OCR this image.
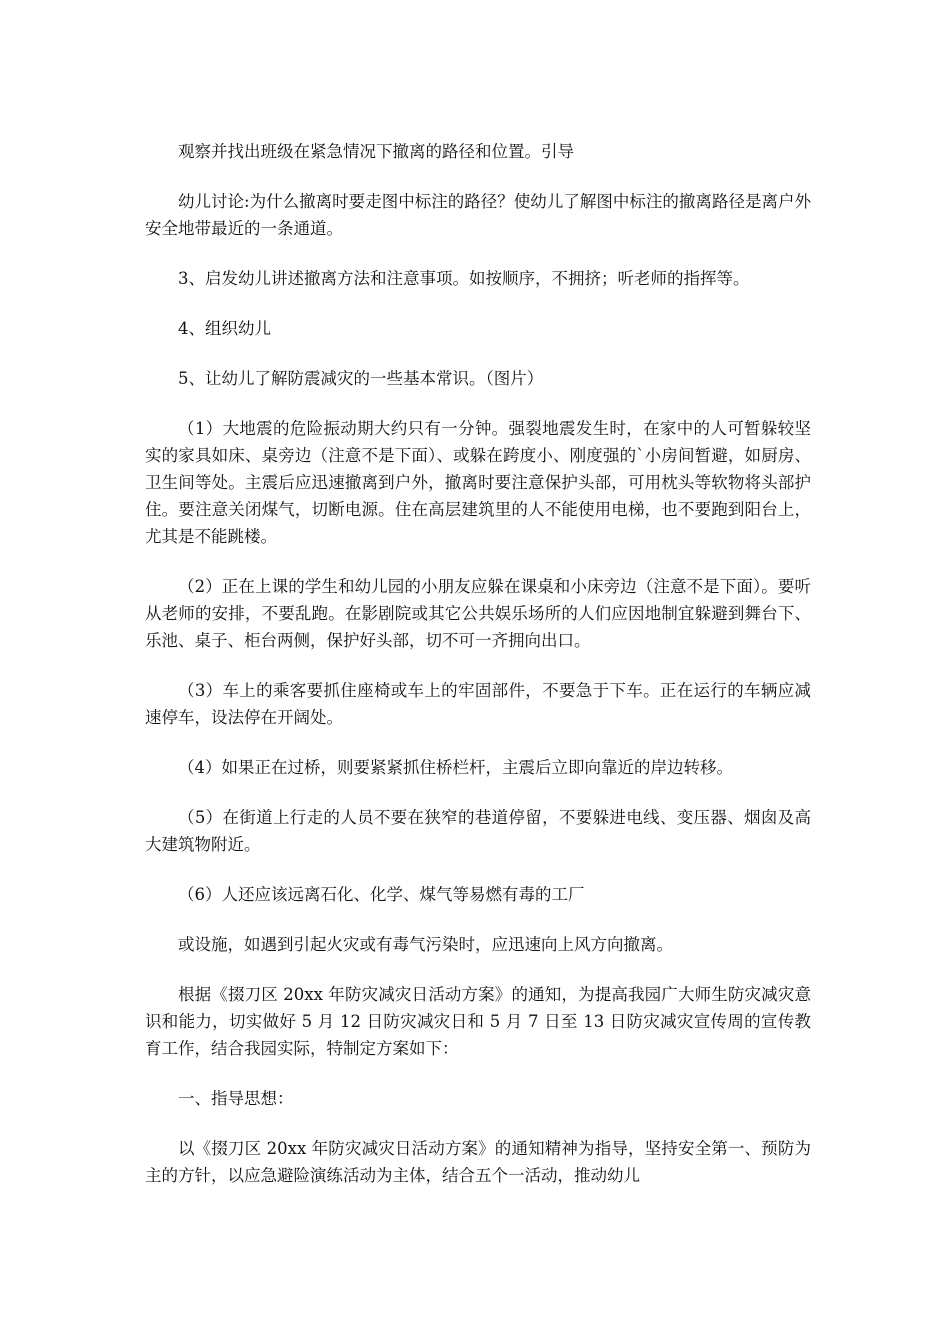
观察并找出班级在紧急情况下撤离的路径和位置。引导

幼儿讨论:为什么撤离时要走图中标注的路径？使幼儿了解图中标注的撤离路径是离户外安全地带最近的一条通道。

3、启发幼儿讲述撤离方法和注意事项。如按顺序，不拥挤；听老师的指挥等。

4、组织幼儿

5、让幼儿了解防震减灾的一些基本常识。（图片）

（1）大地震的危险振动期大约只有一分钟。强裂地震发生时，在家中的人可暂躲较坚实的家具如床、桌旁边（注意不是下面）、或躲在跨度小、刚度强的`小房间暂避，如厨房、卫生间等处。主震后应迅速撤离到户外，撤离时要注意保护头部，可用枕头等软物将头部护住。要注意关闭煤气，切断电源。住在高层建筑里的人不能使用电梯，也不要跑到阳台上，尤其是不能跳楼。

（2）正在上课的学生和幼儿园的小朋友应躲在课桌和小床旁边（注意不是下面）。要听从老师的安排，不要乱跑。在影剧院或其它公共娱乐场所的人们应因地制宜躲避到舞台下、乐池、桌子、柜台两侧，保护好头部，切不可一齐拥向出口。

（3）车上的乘客要抓住座椅或车上的牢固部件，不要急于下车。正在运行的车辆应减速停车，设法停在开阔处。

（4）如果正在过桥，则要紧紧抓住桥栏杆，主震后立即向靠近的岸边转移。

（5）在街道上行走的人员不要在狭窄的巷道停留，不要躲进电线、变压器、烟囱及高大建筑物附近。

（6）人还应该远离石化、化学、煤气等易燃有毒的工厂

或设施，如遇到引起火灾或有毒气污染时，应迅速向上风方向撤离。

根据《掇刀区 20xx 年防灾减灾日活动方案》的通知，为提高我园广大师生防灾减灾意识和能力，切实做好 5 月 12 日防灾减灾日和 5 月 7 日至 13 日防灾减灾宣传周的宣传教育工作，结合我园实际，特制定方案如下：

一、指导思想：

以《掇刀区 20xx 年防灾减灾日活动方案》的通知精神为指导，坚持安全第一、预防为主的方针，以应急避险演练活动为主体，结合五个一活动，推动幼儿
